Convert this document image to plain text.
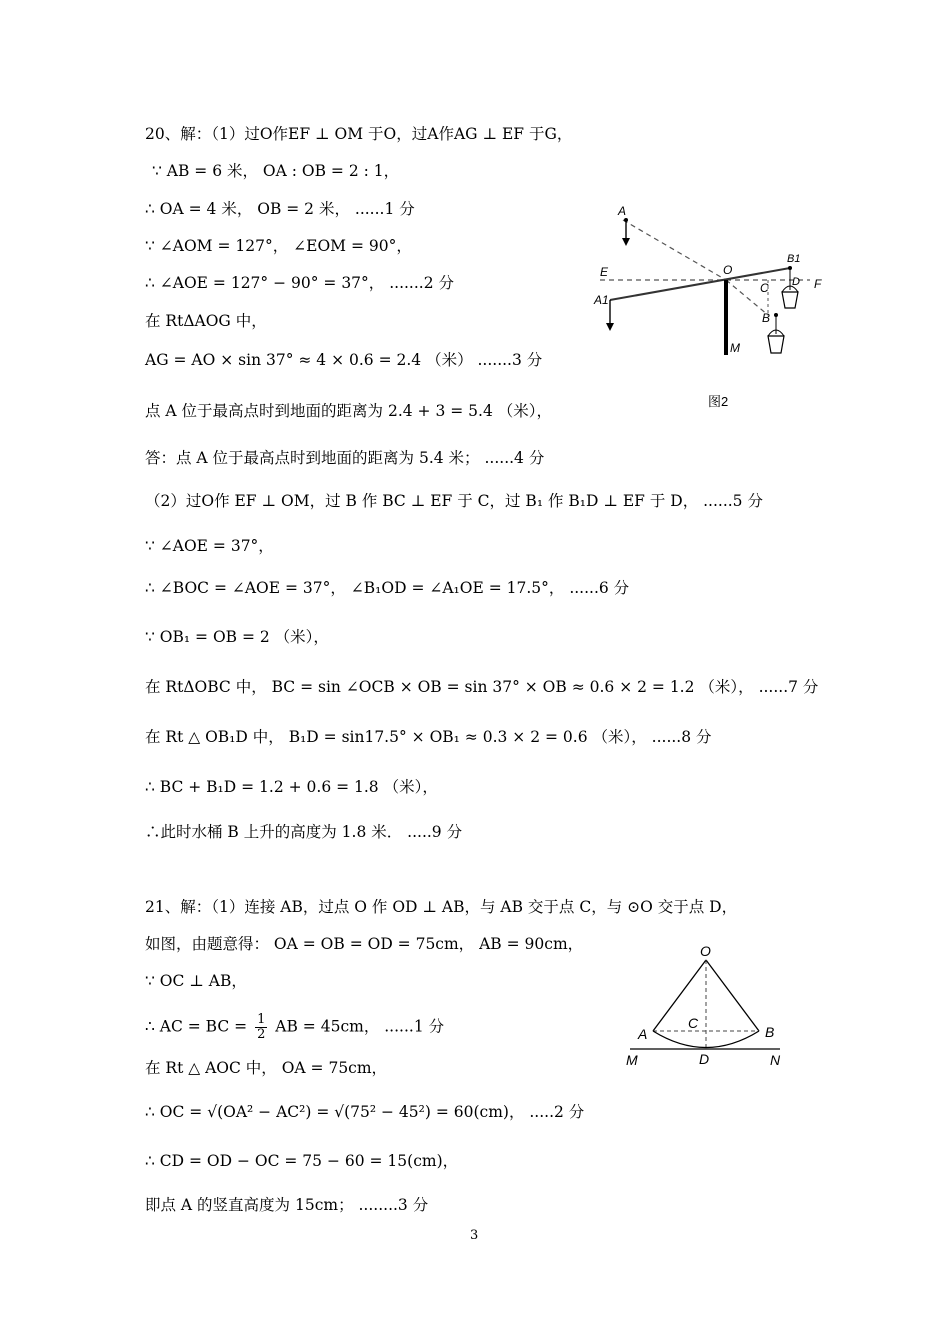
20、解：（1）过O作EF ⊥ OM 于O，过A作AG ⊥ EF 于G，
∵ AB = 6 米， OA : OB = 2 : 1，
∴ OA = 4 米， OB = 2 米， ......1 分
∵ ∠AOM = 127°， ∠EOM = 90°，
∴ ∠AOE = 127° − 90° = 37°， .......2 分
在 RtΔAOG 中，
AG = AO × sin 37° ≈ 4 × 0.6 = 2.4 （米） .......3 分
点 A 位于最高点时到地面的距离为 2.4 + 3 = 5.4 （米），
答：点 A 位于最高点时到地面的距离为 5.4 米； ......4 分
（2）过O作 EF ⊥ OM，过 B 作 BC ⊥ EF 于 C，过 B₁ 作 B₁D ⊥ EF 于 D， ......5 分
∵ ∠AOE = 37°，
∴ ∠BOC = ∠AOE = 37°， ∠B₁OD = ∠A₁OE = 17.5°， ......6 分
∵ OB₁ = OB = 2 （米），
在 RtΔOBC 中， BC = sin ∠OCB × OB = sin 37° × OB ≈ 0.6 × 2 = 1.2 （米）， ......7 分
在 Rt △ OB₁D 中， B₁D = sin17.5° × OB₁ ≈ 0.3 × 2 = 0.6 （米）， ......8 分
∴ BC + B₁D = 1.2 + 0.6 = 1.8 （米），
∴此时水桶 B 上升的高度为 1.8 米． .....9 分
A
A1
E	O
B1
D
C	F
B
M
图2
21、解：（1）连接 AB，过点 O 作 OD ⊥ AB，与 AB 交于点 C，与 ⊙O 交于点 D，
如图，由题意得： OA = OB = OD = 75cm， AB = 90cm，
∵ OC ⊥ AB，
∴ AC = BC = $\frac{1}{2}$ AB = 45cm， ......1 分
在 Rt △ AOC 中， OA = 75cm，
∴ OC = √(OA² − AC²) = √(75² − 45²) = 60(cm)， .....2 分
∴ CD = OD − OC = 75 − 60 = 15(cm)，
即点 A 的竖直高度为 15cm； ........3 分
O
A
C
B
M	D	N
3
